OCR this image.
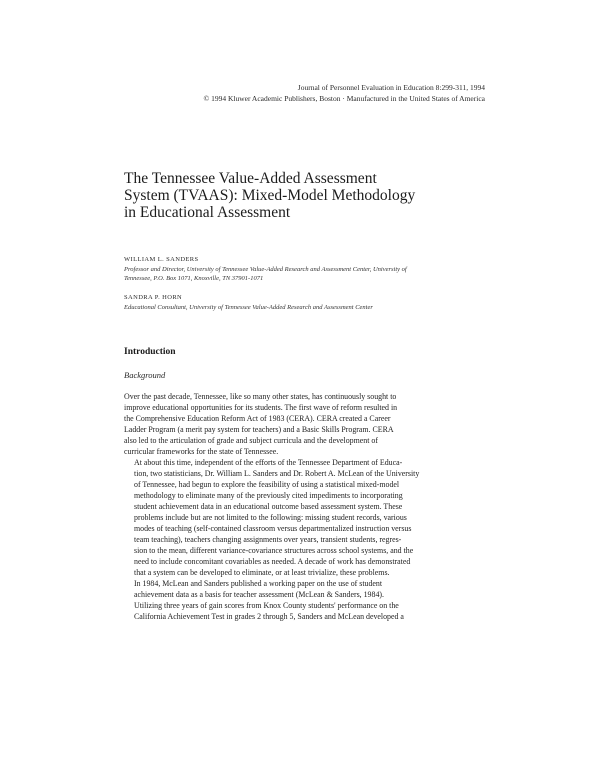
Journal of Personnel Evaluation in Education 8:299-311, 1994
© 1994 Kluwer Academic Publishers, Boston · Manufactured in the United States of America
The Tennessee Value-Added Assessment
System (TVAAS): Mixed-Model Methodology
in Educational Assessment
WILLIAM L. SANDERS
Professor and Director, University of Tennessee Value-Added Research and Assessment Center, University of
Tennessee, P.O. Box 1071, Knoxville, TN 37901-1071
SANDRA P. HORN
Educational Consultant, University of Tennessee Value-Added Research and Assessment Center
Introduction
Background

Over the past decade, Tennessee, like so many other states, has continuously sought to
improve educational opportunities for its students. The first wave of reform resulted in
the Comprehensive Education Reform Act of 1983 (CERA). CERA created a Career
Ladder Program (a merit pay system for teachers) and a Basic Skills Program. CERA
also led to the articulation of grade and subject curricula and the development of
curricular frameworks for the state of Tennessee.

At about this time, independent of the efforts of the Tennessee Department of Educa-
tion, two statisticians, Dr. William L. Sanders and Dr. Robert A. McLean of the University
of Tennessee, had begun to explore the feasibility of using a statistical mixed-model
methodology to eliminate many of the previously cited impediments to incorporating
student achievement data in an educational outcome based assessment system. These
problems include but are not limited to the following: missing student records, various
modes of teaching (self-contained classroom versus departmentalized instruction versus
team teaching), teachers changing assignments over years, transient students, regres-
sion to the mean, different variance-covariance structures across school systems, and the
need to include concomitant covariables as needed. A decade of work has demonstrated
that a system can be developed to eliminate, or at least trivialize, these problems.

In 1984, McLean and Sanders published a working paper on the use of student
achievement data as a basis for teacher assessment (McLean & Sanders, 1984).
Utilizing three years of gain scores from Knox County students' performance on the
California Achievement Test in grades 2 through 5, Sanders and McLean developed a
